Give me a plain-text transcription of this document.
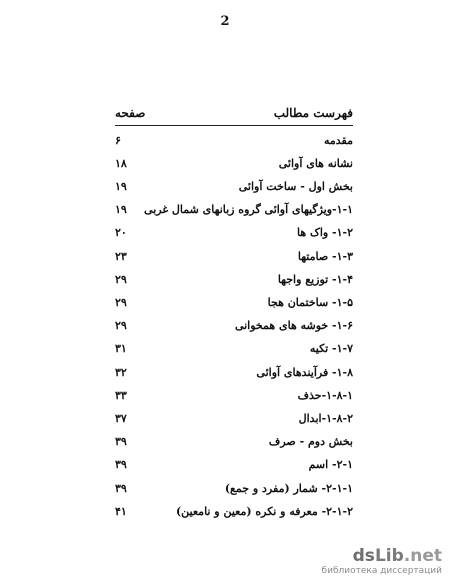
2
صفحه	فهرست مطالب
۶	مقدمه
۱۸	نشانه های آوائی
۱۹	بخش اول - ساخت آوائی
۱۹	۱-۱-ویژگیهای آوائی گروه زبانهای شمال غربی
۲۰	۱-۲- واک ها
۲۳	۱-۳- صامتها
۲۹	۱-۴- توزیع واجها
۲۹	۱-۵- ساختمان هجا
۲۹	۱-۶- خوشه های همخوانی
۳۱	۱-۷- تکیه
۳۲	۱-۸- فرآیندهای آوائی
۳۳	۱-۸-۱-حذف
۳۷	۱-۸-۲-ابدال
۳۹	بخش دوم - صرف
۳۹	۲-۱- اسم
۳۹	۲-۱-۱- شمار (مفرد و جمع)
۴۱	۲-۱-۲- معرفه و نکره (معین و نامعین)
dsLib.net
библиотека диссертаций
